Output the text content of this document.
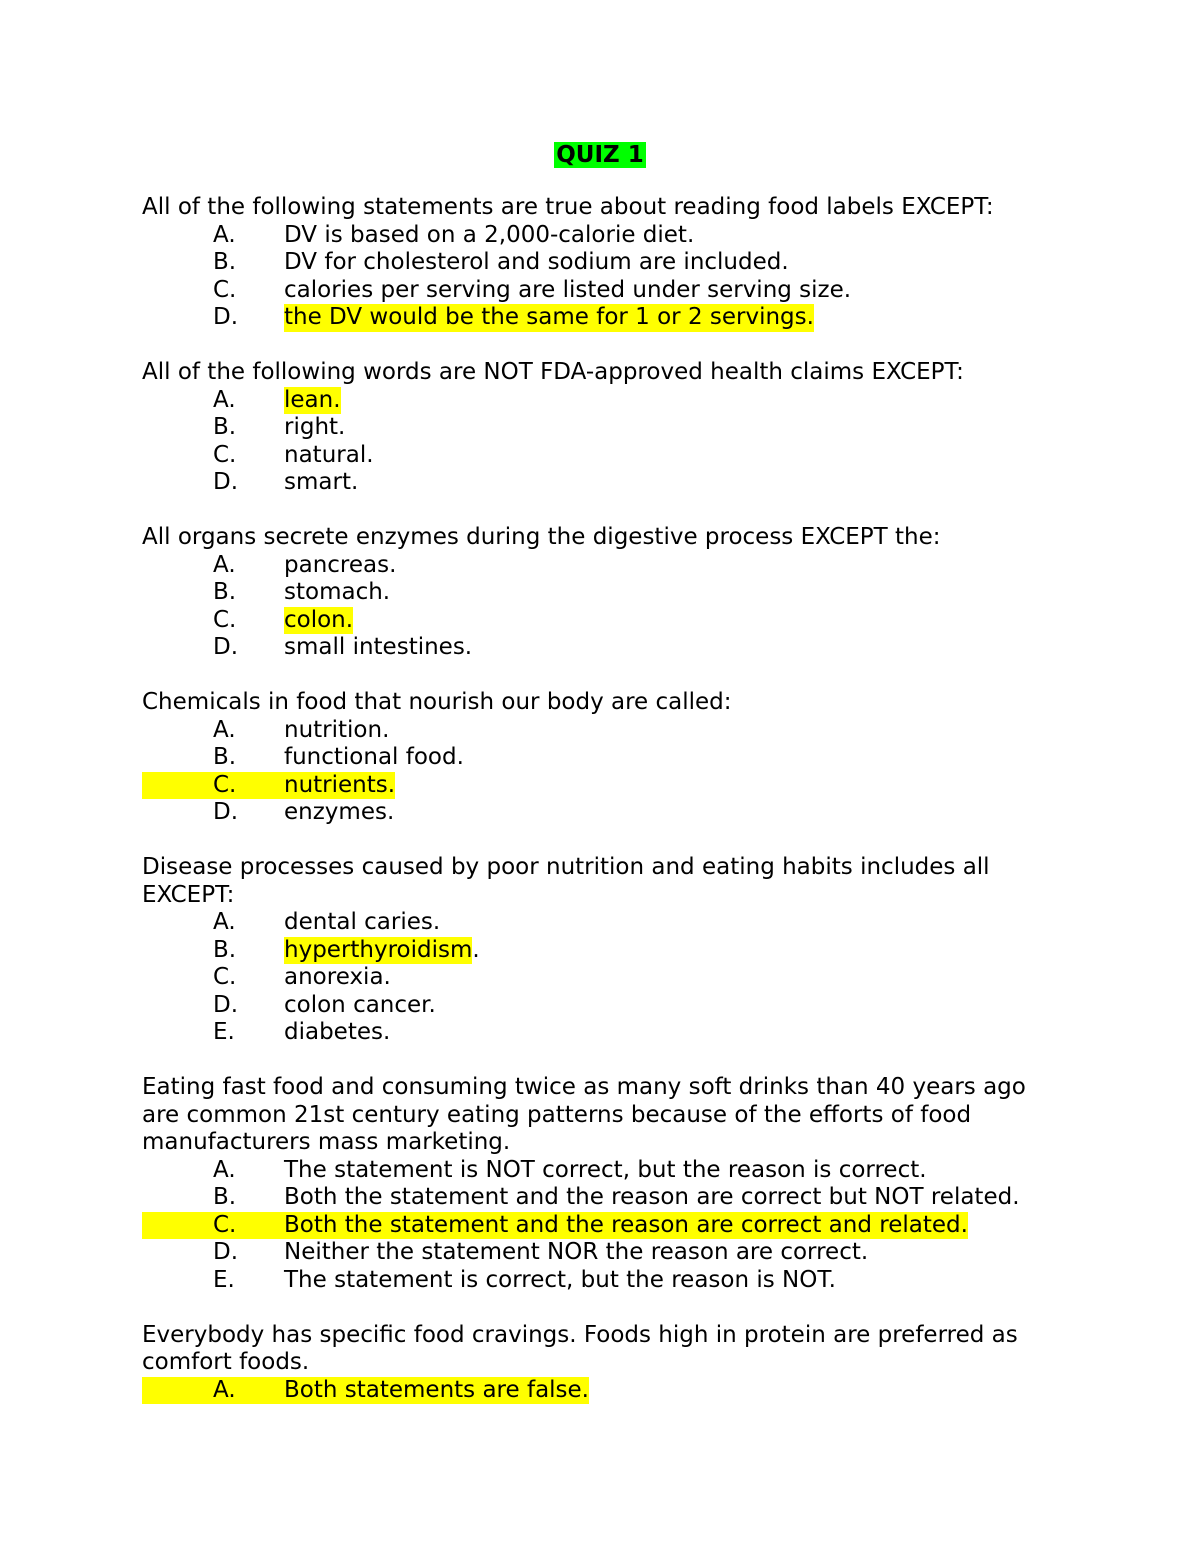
QUIZ 1

All of the following statements are true about reading food labels EXCEPT:

A.	DV is based on a 2,000-calorie diet.
B.	DV for cholesterol and sodium are included.
C.	calories per serving are listed under serving size.
D.	the DV would be the same for 1 or 2 servings.

All of the following words are NOT FDA-approved health claims EXCEPT:

A.	lean.
B.	right.
C.	natural.
D.	smart.

All organs secrete enzymes during the digestive process EXCEPT the:

A.	pancreas.
B.	stomach.
C.	colon.
D.	small intestines.

Chemicals in food that nourish our body are called:

A.	nutrition.
B.	functional food.
C.	nutrients.
D.	enzymes.

Disease processes caused by poor nutrition and eating habits includes all EXCEPT:

A.	dental caries.
B.	hyperthyroidism .
C.	anorexia.
D.	colon cancer.
E.	diabetes.

Eating fast food and consuming twice as many soft drinks than 40 years ago are common 21st century eating patterns because of the efforts of food manufacturers mass marketing.

A.	The statement is NOT correct, but the reason is correct.
B.	Both the statement and the reason are correct but NOT related.
C.	Both the statement and the reason are correct and related.
D.	Neither the statement NOR the reason are correct.
E.	The statement is correct, but the reason is NOT.

Everybody has specific food cravings. Foods high in protein are preferred as comfort foods.

A.	Both statements are false.
